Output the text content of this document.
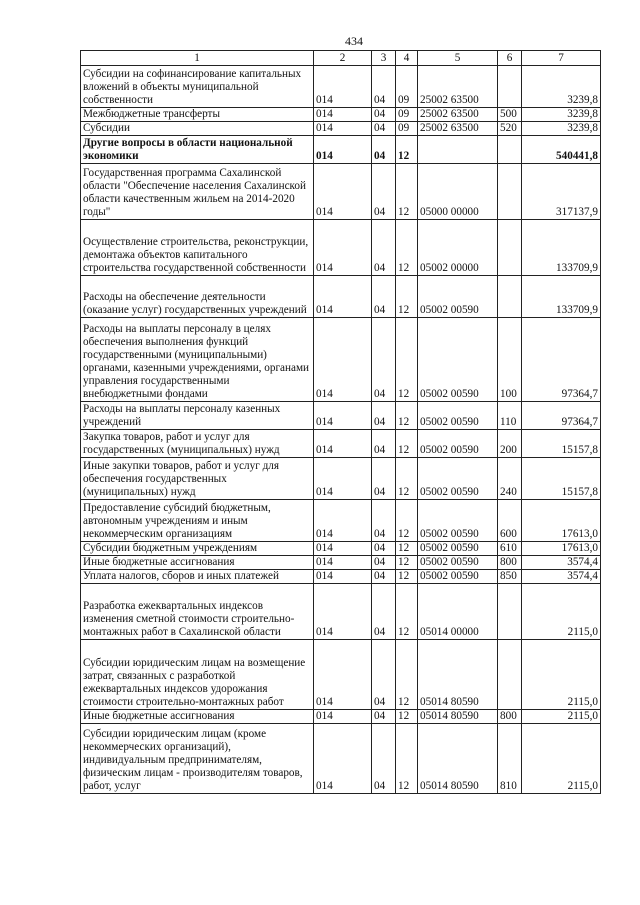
434
1	2	3	4	5	6	7
Субсидии на софинансирование капитальных вложений в объекты муниципальной собственности	014	04	09	25002 63500		3239,8
Межбюджетные трансферты	014	04	09	25002 63500	500	3239,8
Субсидии	014	04	09	25002 63500	520	3239,8
Другие вопросы в области национальной экономики	014	04	12			540441,8
Государственная программа Сахалинской области "Обеспечение населения Сахалинской области качественным жильем на 2014-2020 годы"	014	04	12	05000 00000		317137,9
Осуществление строительства, реконструкции, демонтажа объектов капитального строительства государственной собственности	014	04	12	05002 00000		133709,9
Расходы на обеспечение деятельности (оказание услуг) государственных учреждений	014	04	12	05002 00590		133709,9
Расходы на выплаты персоналу в целях обеспечения выполнения функций государственными (муниципальными) органами, казенными учреждениями, органами управления государственными внебюджетными фондами	014	04	12	05002 00590	100	97364,7
Расходы на выплаты персоналу казенных учреждений	014	04	12	05002 00590	110	97364,7
Закупка товаров, работ и услуг для государственных (муниципальных) нужд	014	04	12	05002 00590	200	15157,8
Иные закупки товаров, работ и услуг для обеспечения государственных (муниципальных) нужд	014	04	12	05002 00590	240	15157,8
Предоставление субсидий бюджетным, автономным учреждениям и иным некоммерческим организациям	014	04	12	05002 00590	600	17613,0
Субсидии бюджетным учреждениям	014	04	12	05002 00590	610	17613,0
Иные бюджетные ассигнования	014	04	12	05002 00590	800	3574,4
Уплата налогов, сборов и иных платежей	014	04	12	05002 00590	850	3574,4
Разработка ежеквартальных индексов изменения сметной стоимости строительно-монтажных работ в Сахалинской области	014	04	12	05014 00000		2115,0
Субсидии юридическим лицам на возмещение затрат, связанных с разработкой ежеквартальных индексов удорожания стоимости строительно-монтажных работ	014	04	12	05014 80590		2115,0
Иные бюджетные ассигнования	014	04	12	05014 80590	800	2115,0
Субсидии юридическим лицам (кроме некоммерческих организаций), индивидуальным предпринимателям, физическим лицам - производителям товаров, работ, услуг	014	04	12	05014 80590	810	2115,0
